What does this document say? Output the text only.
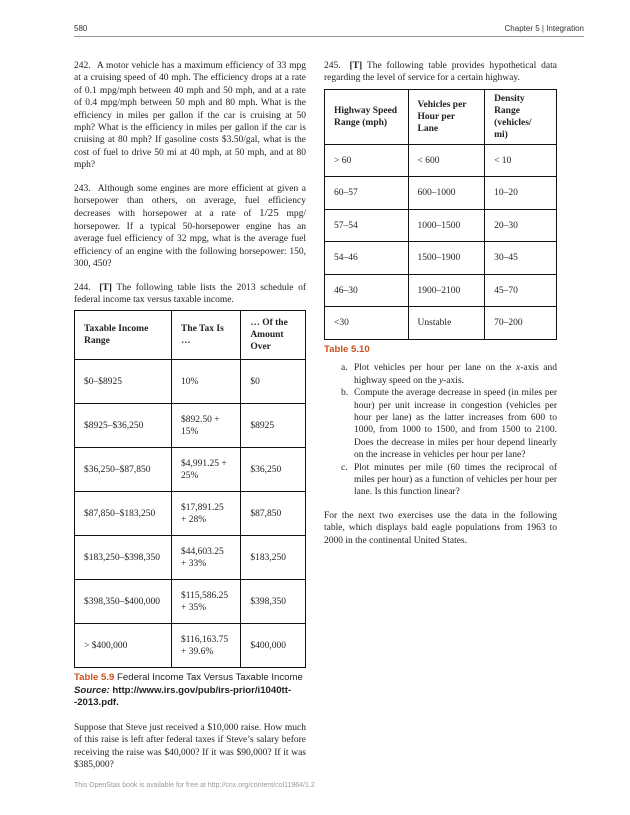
580	Chapter 5 | Integration

242. A motor vehicle has a maximum efficiency of 33 mpg at a cruising speed of 40 mph. The efficiency drops at a rate of 0.1 mpg/mph between 40 mph and 50 mph, and at a rate of 0.4 mpg/mph between 50 mph and 80 mph. What is the efficiency in miles per gallon if the car is cruising at 50 mph? What is the efficiency in miles per gallon if the car is cruising at 80 mph? If gasoline costs $3.50/gal, what is the cost of fuel to drive 50 mi at 40 mph, at 50 mph, and at 80 mph?

243. Although some engines are more efficient at given a horsepower than others, on average, fuel efficiency decreases with horsepower at a rate of 1/25 mpg/ horsepower. If a typical 50-horsepower engine has an average fuel efficiency of 32 mpg, what is the average fuel efficiency of an engine with the following horsepower: 150, 300, 450?

244. [T] The following table lists the 2013 schedule of federal income tax versus taxable income.

Taxable Income Range	The Tax Is …	… Of the Amount Over
$0–$8925	10%	$0
$8925–$36,250	$892.50 + 15%	$8925
$36,250–$87,850	$4,991.25 + 25%	$36,250
$87,850–$183,250	$17,891.25 + 28%	$87,850
$183,250–$398,350	$44,603.25 + 33%	$183,250
$398,350–$400,000	$115,586.25 + 35%	$398,350
> $400,000	$116,163.75 + 39.6%	$400,000
Table 5.9 Federal Income Tax Versus Taxable Income Source: http://www.irs.gov/pub/irs-prior/i1040tt--2013.pdf.

Suppose that Steve just received a $10,000 raise. How much of this raise is left after federal taxes if Steve’s salary before receiving the raise was $40,000? If it was $90,000? If it was $385,000?

245. [T] The following table provides hypothetical data regarding the level of service for a certain highway.

Highway Speed Range (mph)	Vehicles per Hour per Lane	Density Range (vehicles/ mi)
> 60	< 600	< 10
60–57	600–1000	10–20
57–54	1000–1500	20–30
54–46	1500–1900	30–45
46–30	1900–2100	45–70
<30	Unstable	70–200
Table 5.10
a. Plot vehicles per hour per lane on the x-axis and highway speed on the y-axis.
b. Compute the average decrease in speed (in miles per hour) per unit increase in congestion (vehicles per hour per lane) as the latter increases from 600 to 1000, from 1000 to 1500, and from 1500 to 2100. Does the decrease in miles per hour depend linearly on the increase in vehicles per hour per lane?
c. Plot minutes per mile (60 times the reciprocal of miles per hour) as a function of vehicles per hour per lane. Is this function linear?

For the next two exercises use the data in the following table, which displays bald eagle populations from 1963 to 2000 in the continental United States.

This OpenStax book is available for free at http://cnx.org/content/col11964/1.2
